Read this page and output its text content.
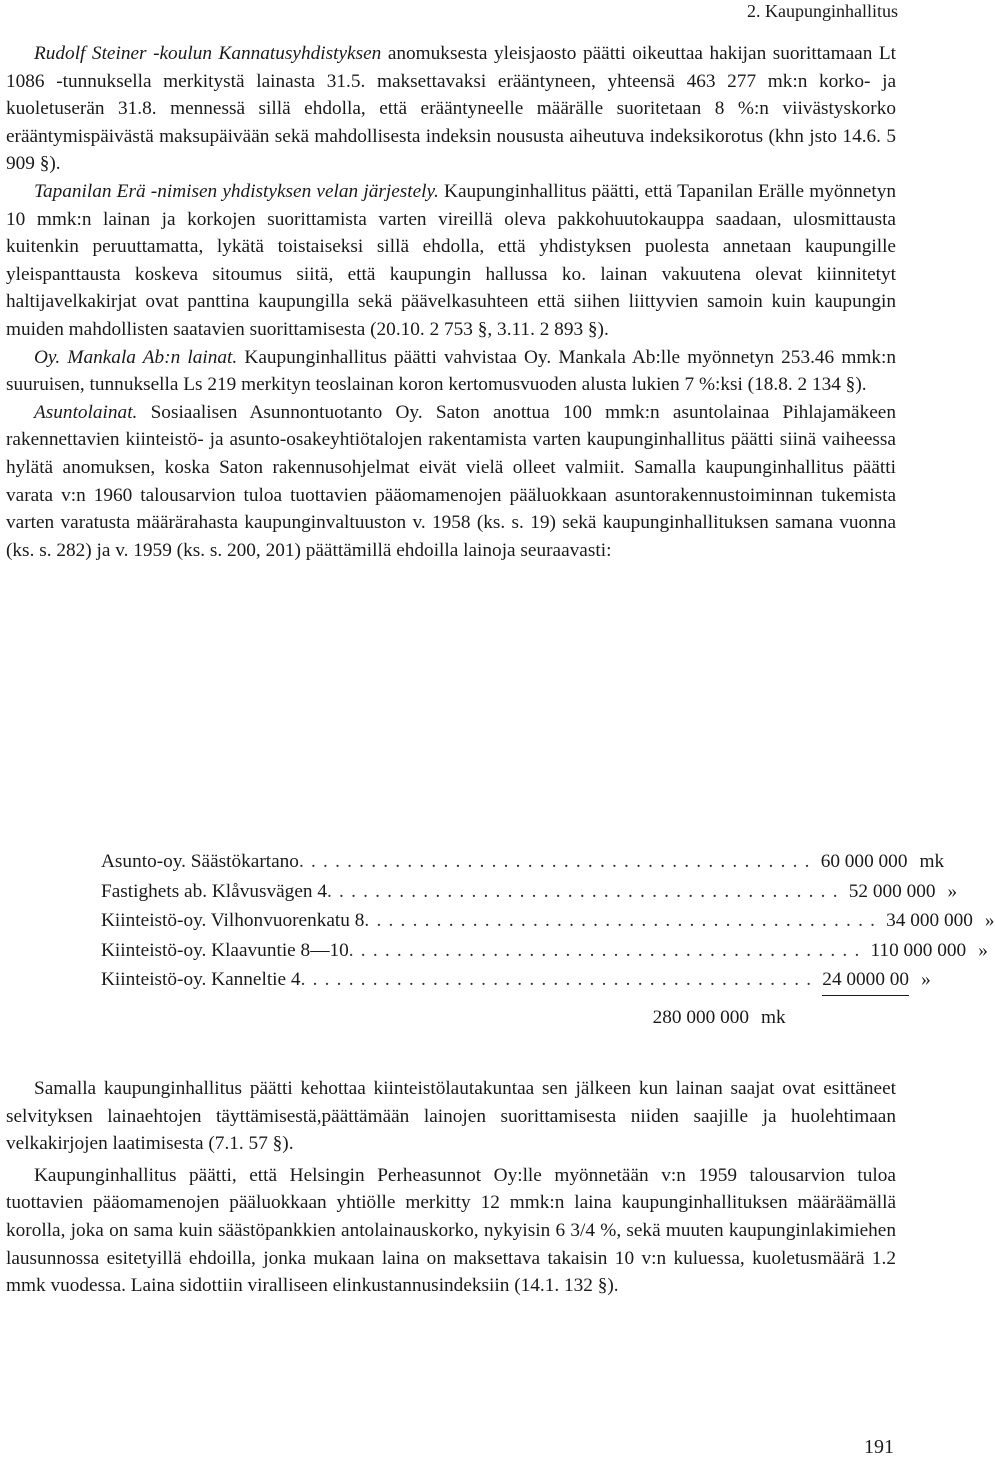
2. Kaupunginhallitus

Rudolf Steiner -koulun Kannatusyhdistyksen anomuksesta yleisjaosto päätti oikeuttaa hakijan suorittamaan Lt 1086 -tunnuksella merkitystä lainasta 31.5. maksettavaksi erääntyneen, yhteensä 463 277 mk:n korko- ja kuoletuserän 31.8. mennessä sillä ehdolla, että erääntyneelle määrälle suoritetaan 8 %:n viivästyskorko erääntymispäivästä maksupäivään sekä mahdollisesta indeksin noususta aiheutuva indeksikorotus (khn jsto 14.6. 5 909 §).

Tapanilan Erä -nimisen yhdistyksen velan järjestely. Kaupunginhallitus päätti, että Tapanilan Erälle myönnetyn 10 mmk:n lainan ja korkojen suorittamista varten vireillä oleva pakkohuutokauppa saadaan, ulosmittausta kuitenkin peruuttamatta, lykätä toistaiseksi sillä ehdolla, että yhdistyksen puolesta annetaan kaupungille yleispanttausta koskeva sitoumus siitä, että kaupungin hallussa ko. lainan vakuutena olevat kiinnitetyt haltijavelkakirjat ovat panttina kaupungilla sekä päävelkasuhteen että siihen liittyvien samoin kuin kaupungin muiden mahdollisten saatavien suorittamisesta (20.10. 2 753 §, 3.11. 2 893 §).

Oy. Mankala Ab:n lainat. Kaupunginhallitus päätti vahvistaa Oy. Mankala Ab:lle myönnetyn 253.46 mmk:n suuruisen, tunnuksella Ls 219 merkityn teoslainan koron kertomusvuoden alusta lukien 7 %:ksi (18.8. 2 134 §).

Asuntolainat. Sosiaalisen Asunnontuotanto Oy. Saton anottua 100 mmk:n asuntolainaa Pihlajamäkeen rakennettavien kiinteistö- ja asunto-osakeyhtiötalojen rakentamista varten kaupunginhallitus päätti siinä vaiheessa hylätä anomuksen, koska Saton rakennusohjelmat eivät vielä olleet valmiit. Samalla kaupunginhallitus päätti varata v:n 1960 talousarvion tuloa tuottavien pääomamenojen pääluokkaan asuntorakennustoiminnan tukemista varten varatusta määrärahasta kaupunginvaltuuston v. 1958 (ks. s. 19) sekä kaupunginhallituksen samana vuonna (ks. s. 282) ja v. 1959 (ks. s. 200, 201) päättämillä ehdoilla lainoja seuraavasti:

Asunto-oy. Säästökartano . . . . . . . . . . . . . . . . . . . . . . . . . . . . . . . . . . . . . . . . . . . 60 000 000 mk
Fastighets ab. Klåvusvägen 4 . . . . . . . . . . . . . . . . . . . . . . . . . . . . . . . . . . . . . . . . . . . 52 000 000 »
Kiinteistö-oy. Vilhonvuorenkatu 8 . . . . . . . . . . . . . . . . . . . . . . . . . . . . . . . . . . . . . . . . . . . 34 000 000 »
Kiinteistö-oy. Klaavuntie 8—10 . . . . . . . . . . . . . . . . . . . . . . . . . . . . . . . . . . . . . . . . . . . 110 000 000 »
Kiinteistö-oy. Kanneltie 4 . . . . . . . . . . . . . . . . . . . . . . . . . . . . . . . . . . . . . . . . . . . 24 0000 00 »
280 000 000 mk

Samalla kaupunginhallitus päätti kehottaa kiinteistölautakuntaa sen jälkeen kun lainan saajat ovat esittäneet selvityksen lainaehtojen täyttämisestä,päättämään lainojen suorittamisesta niiden saajille ja huolehtimaan velkakirjojen laatimisesta (7.1. 57 §).

Kaupunginhallitus päätti, että Helsingin Perheasunnot Oy:lle myönnetään v:n 1959 talousarvion tuloa tuottavien pääomamenojen pääluokkaan yhtiölle merkitty 12 mmk:n laina kaupunginhallituksen määräämällä korolla, joka on sama kuin säästöpankkien antolainauskorko, nykyisin 6 3/4 %, sekä muuten kaupunginlakimiehen lausunnossa esitetyillä ehdoilla, jonka mukaan laina on maksettava takaisin 10 v:n kuluessa, kuoletusmäärä 1.2 mmk vuodessa. Laina sidottiin viralliseen elinkustannusindeksiin (14.1. 132 §).

191
